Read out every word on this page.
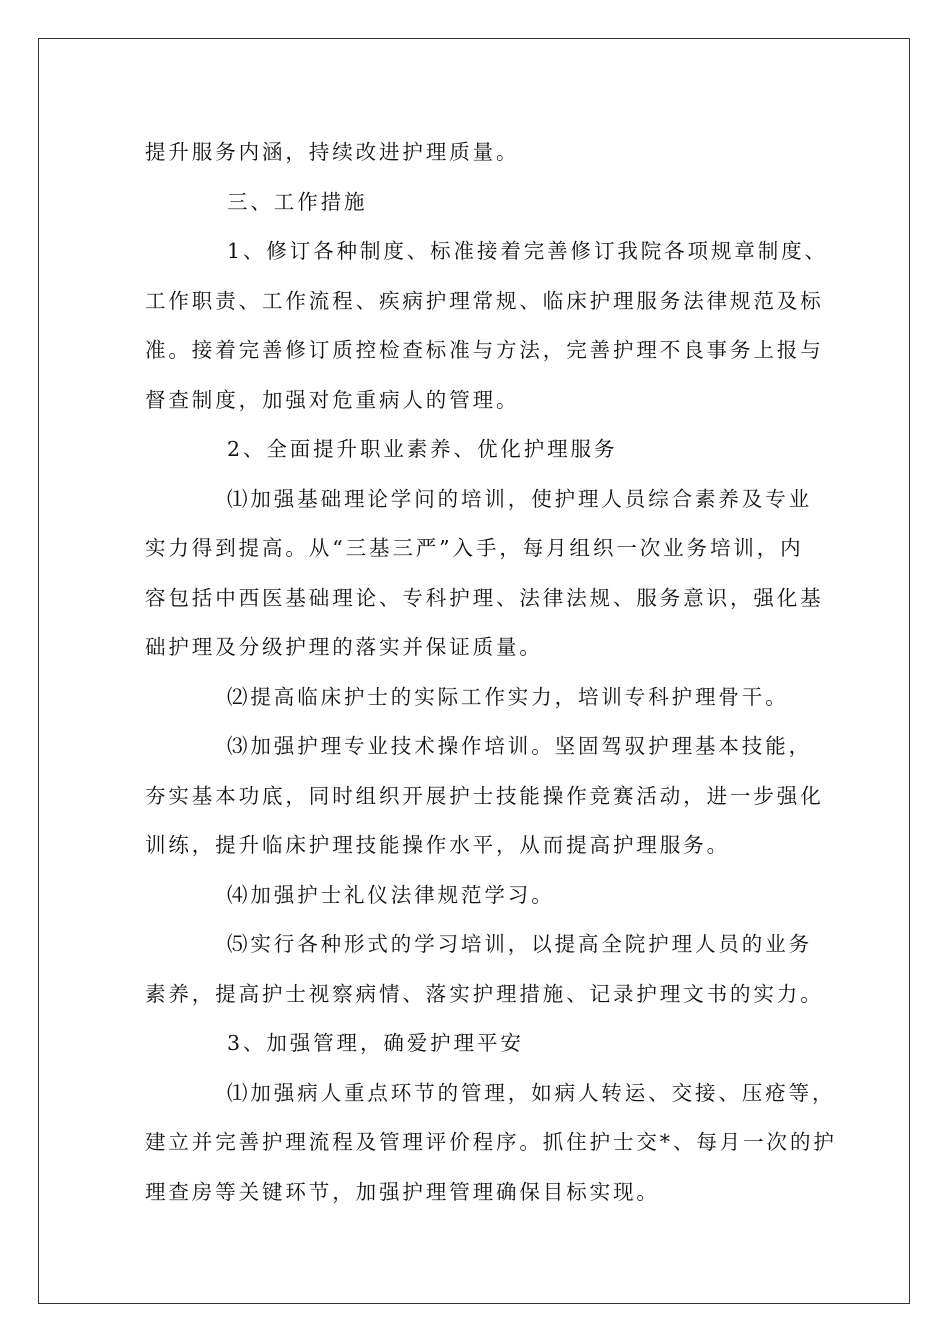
提升服务内涵，持续改进护理质量。
三、工作措施
1、修订各种制度、标准接着完善修订我院各项规章制度、
工作职责、工作流程、疾病护理常规、临床护理服务法律规范及标
准。接着完善修订质控检查标准与方法，完善护理不良事务上报与
督查制度，加强对危重病人的管理。
2、全面提升职业素养、优化护理服务
⑴加强基础理论学问的培训，使护理人员综合素养及专业
实力得到提高。从“三基三严”入手，每月组织一次业务培训，内
容包括中西医基础理论、专科护理、法律法规、服务意识，强化基
础护理及分级护理的落实并保证质量。
⑵提高临床护士的实际工作实力，培训专科护理骨干。
⑶加强护理专业技术操作培训。坚固驾驭护理基本技能，
夯实基本功底，同时组织开展护士技能操作竞赛活动，进一步强化
训练，提升临床护理技能操作水平，从而提高护理服务。
⑷加强护士礼仪法律规范学习。
⑸实行各种形式的学习培训，以提高全院护理人员的业务
素养，提高护士视察病情、落实护理措施、记录护理文书的实力。
3、加强管理，确爱护理平安
⑴加强病人重点环节的管理，如病人转运、交接、压疮等，
建立并完善护理流程及管理评价程序。抓住护士交*、每月一次的护
理查房等关键环节，加强护理管理确保目标实现。
